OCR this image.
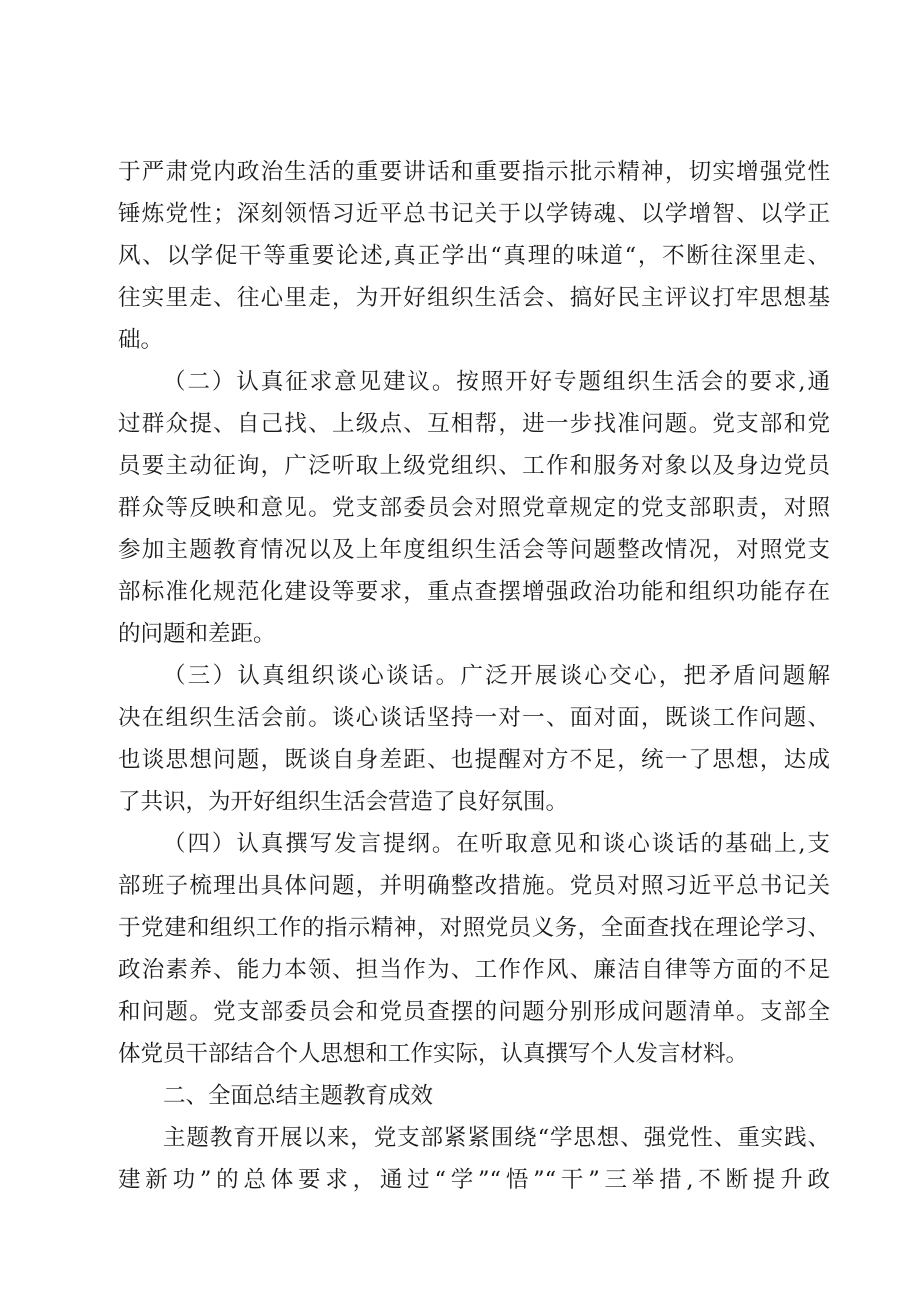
于严肃党内政治生活的重要讲话和重要指示批示精神，切实增强党性
锤炼党性；深刻领悟习近平总书记关于以学铸魂、以学增智、以学正
风、以学促干等重要论述,真正学出“真理的味道“，不断往深里走、
往实里走、往心里走，为开好组织生活会、搞好民主评议打牢思想基
础。
（二）认真征求意见建议。按照开好专题组织生活会的要求,通
过群众提、自己找、上级点、互相帮，进一步找准问题。党支部和党
员要主动征询，广泛听取上级党组织、工作和服务对象以及身边党员
群众等反映和意见。党支部委员会对照党章规定的党支部职责，对照
参加主题教育情况以及上年度组织生活会等问题整改情况，对照党支
部标准化规范化建设等要求，重点查摆增强政治功能和组织功能存在
的问题和差距。
（三）认真组织谈心谈话。广泛开展谈心交心，把矛盾问题解
决在组织生活会前。谈心谈话坚持一对一、面对面，既谈工作问题、
也谈思想问题，既谈自身差距、也提醒对方不足，统一了思想，达成
了共识，为开好组织生活会营造了良好氛围。
（四）认真撰写发言提纲。在听取意见和谈心谈话的基础上,支
部班子梳理出具体问题，并明确整改措施。党员对照习近平总书记关
于党建和组织工作的指示精神，对照党员义务，全面查找在理论学习、
政治素养、能力本领、担当作为、工作作风、廉洁自律等方面的不足
和问题。党支部委员会和党员查摆的问题分别形成问题清单。支部全
体党员干部结合个人思想和工作实际，认真撰写个人发言材料。
二、全面总结主题教育成效
主题教育开展以来，党支部紧紧围绕“学思想、强党性、重实践、
建新功”的总体要求，通过“学”“悟”“干”三举措,不断提升政
